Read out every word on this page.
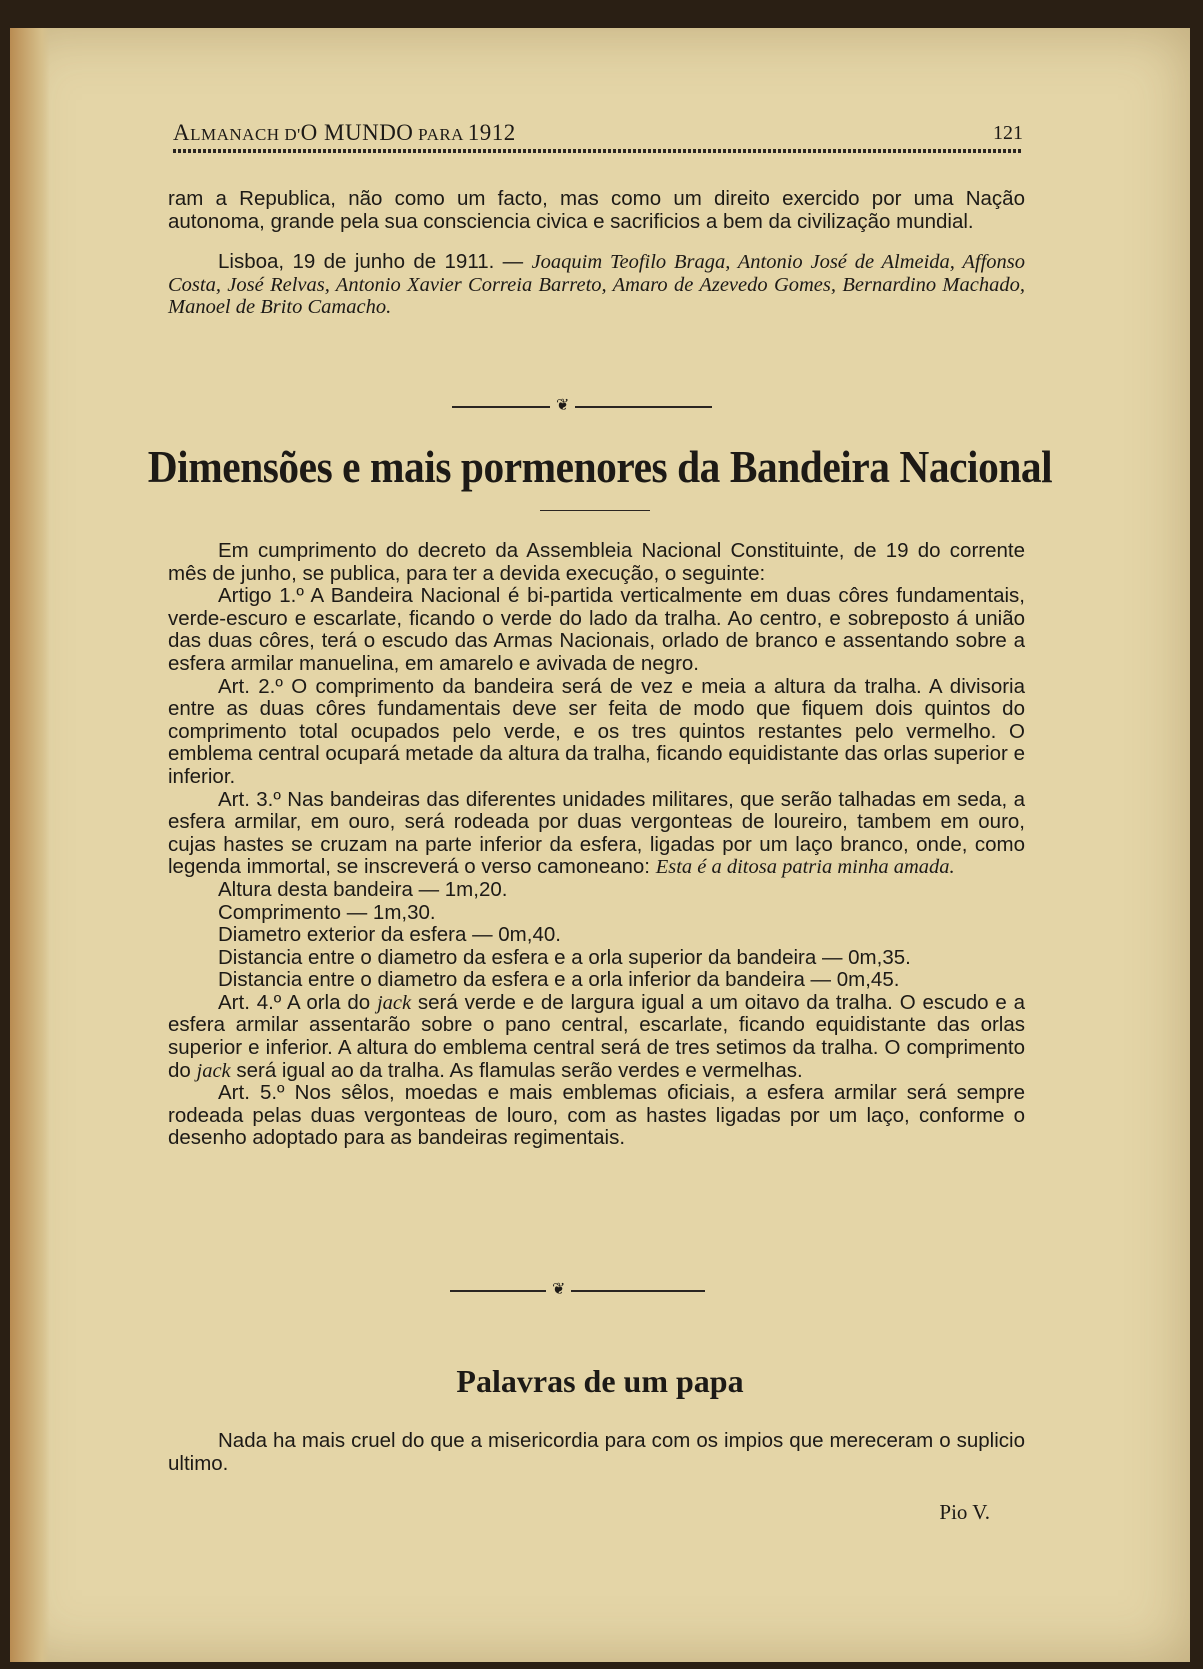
ALMANACH D'O MUNDO PARA 1912	121

ram a Republica, não como um facto, mas como um direito exercido por uma Nação autonoma, grande pela sua consciencia civica e sacrificios a bem da civilização mundial.

Lisboa, 19 de junho de 1911. — Joaquim Teofilo Braga, Antonio José de Almeida, Affonso Costa, José Relvas, Antonio Xavier Correia Barreto, Amaro de Azevedo Gomes, Bernardino Machado, Manoel de Brito Camacho.

❦
Dimensões e mais pormenores da Bandeira Nacional

Em cumprimento do decreto da Assembleia Nacional Constituinte, de 19 do corrente mês de junho, se publica, para ter a devida execução, o seguinte:

Artigo 1.º A Bandeira Nacional é bi-partida verticalmente em duas côres fundamentais, verde-escuro e escarlate, ficando o verde do lado da tralha. Ao centro, e sobreposto á união das duas côres, terá o escudo das Armas Nacionais, orlado de branco e assentando sobre a esfera armilar manuelina, em amarelo e avivada de negro.

Art. 2.º O comprimento da bandeira será de vez e meia a altura da tralha. A divisoria entre as duas côres fundamentais deve ser feita de modo que fiquem dois quintos do comprimento total ocupados pelo verde, e os tres quintos restantes pelo vermelho. O emblema central ocupará metade da altura da tralha, ficando equidistante das orlas superior e inferior.

Art. 3.º Nas bandeiras das diferentes unidades militares, que serão talhadas em seda, a esfera armilar, em ouro, será rodeada por duas vergonteas de loureiro, tambem em ouro, cujas hastes se cruzam na parte inferior da esfera, ligadas por um laço branco, onde, como legenda immortal, se inscreverá o verso camoneano: Esta é a ditosa patria minha amada.

Altura desta bandeira — 1m,20.

Comprimento — 1m,30.

Diametro exterior da esfera — 0m,40.

Distancia entre o diametro da esfera e a orla superior da bandeira — 0m,35.

Distancia entre o diametro da esfera e a orla inferior da bandeira — 0m,45.

Art. 4.º A orla do jack será verde e de largura igual a um oitavo da tralha. O escudo e a esfera armilar assentarão sobre o pano central, escarlate, ficando equidistante das orlas superior e inferior. A altura do emblema central será de tres setimos da tralha. O comprimento do jack será igual ao da tralha. As flamulas serão verdes e vermelhas.

Art. 5.º Nos sêlos, moedas e mais emblemas oficiais, a esfera armilar será sempre rodeada pelas duas vergonteas de louro, com as hastes ligadas por um laço, conforme o desenho adoptado para as bandeiras regimentais.

❦
Palavras de um papa

Nada ha mais cruel do que a misericordia para com os impios que mereceram o suplicio ultimo.

Pio V.
